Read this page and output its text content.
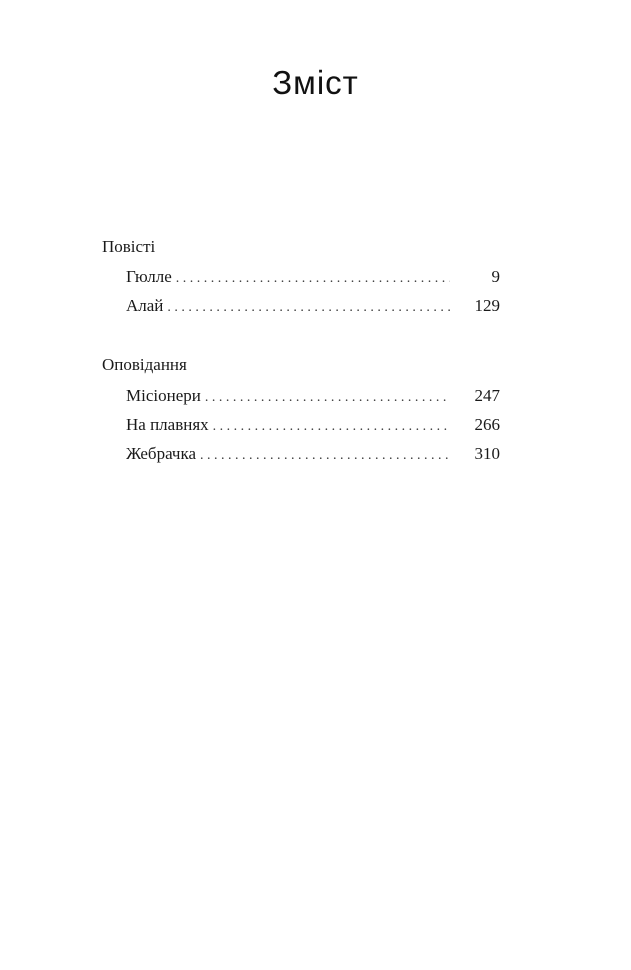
Зміст
Повісті
Гюлле . . .	9
Алай . . .	129
Оповідання
Місіонери . . .	247
На плавнях . . .	266
Жебрачка . . .	310
